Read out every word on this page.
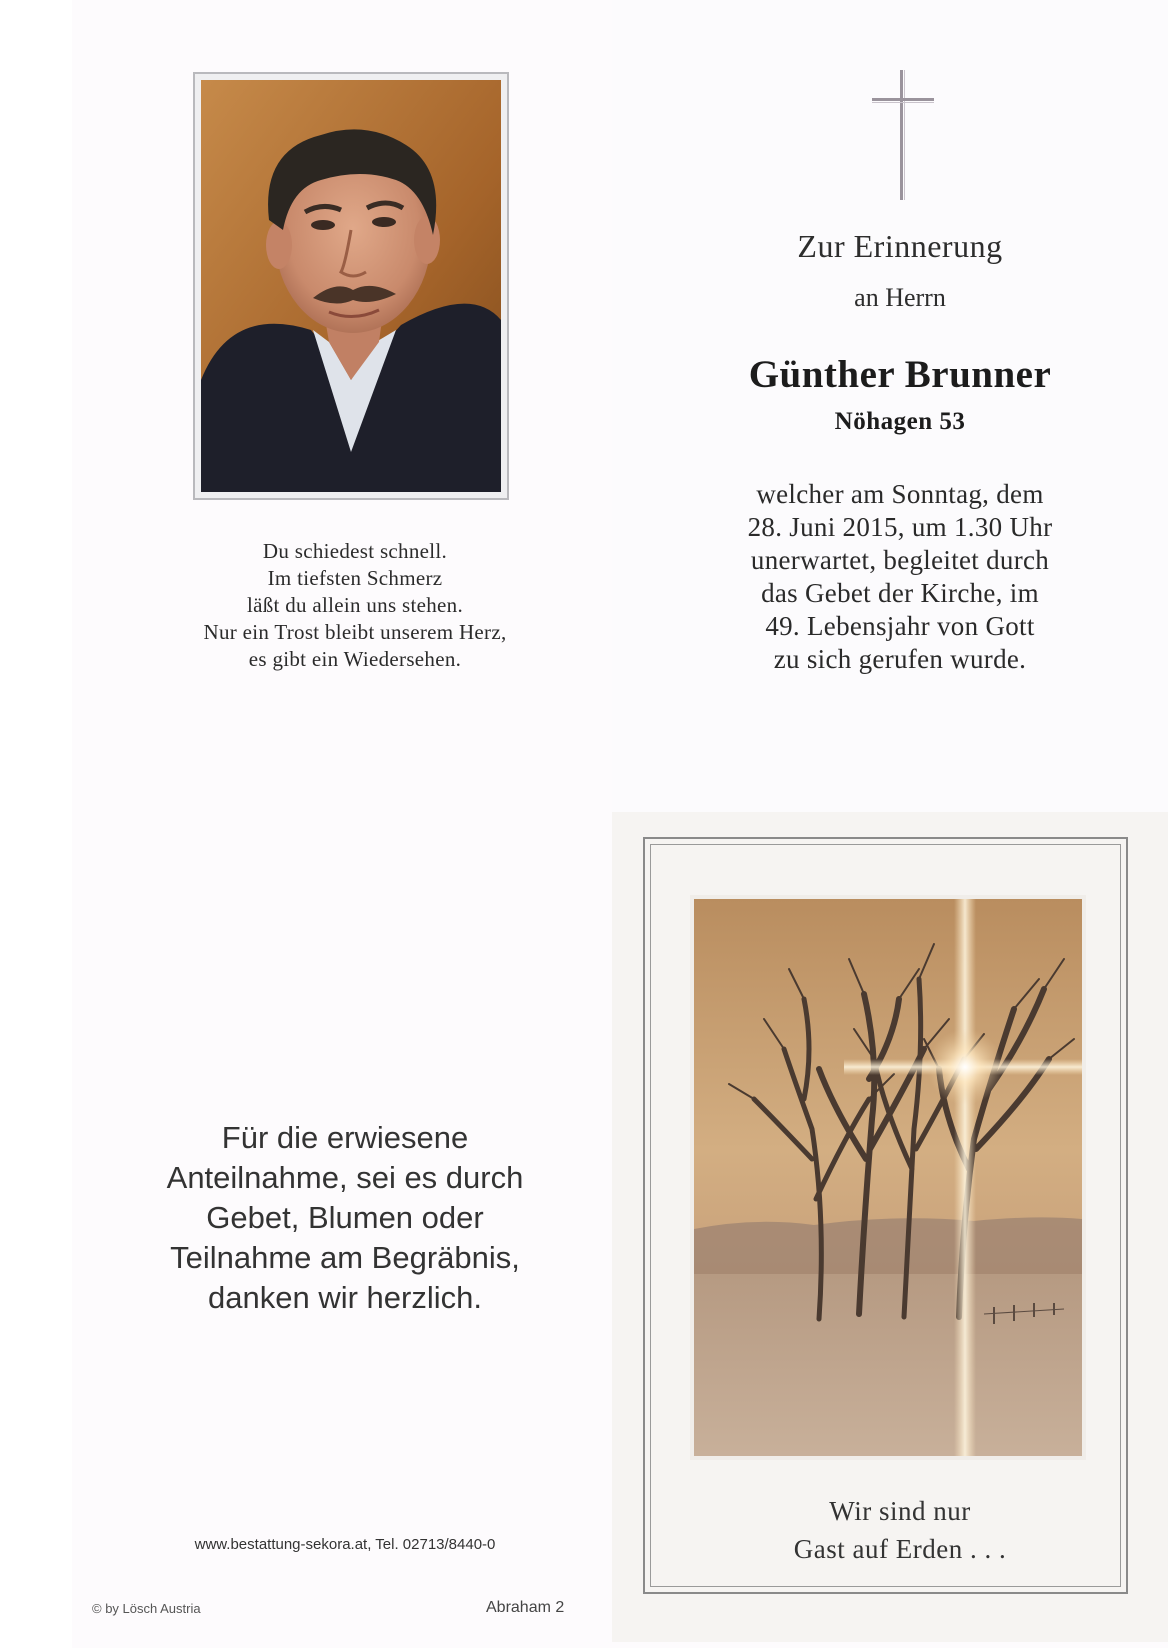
Du schiedest schnell.
Im tiefsten Schmerz
läßt du allein uns stehen.
Nur ein Trost bleibt unserem Herz,
es gibt ein Wiedersehen.
Zur Erinnerung
an Herrn
Günther Brunner
Nöhagen 53
welcher am Sonntag, dem
28. Juni 2015, um 1.30 Uhr
unerwartet, begleitet durch
das Gebet der Kirche, im
49. Lebensjahr von Gott
zu sich gerufen wurde.
Für die erwiesene
Anteilnahme, sei es durch
Gebet, Blumen oder
Teilnahme am Begräbnis,
danken wir herzlich.
www.bestattung-sekora.at, Tel. 02713/8440-0
© by Lösch Austria	Abraham 2
Wir sind nur
Gast auf Erden . . .
